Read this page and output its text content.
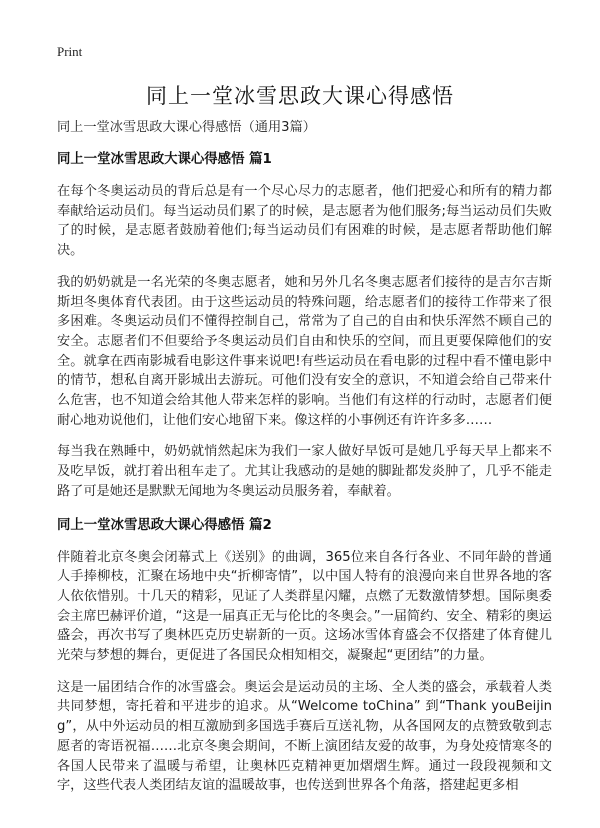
Print
同上一堂冰雪思政大课心得感悟

同上一堂冰雪思政大课心得感悟（通用3篇）

同上一堂冰雪思政大课心得感悟 篇1

在每个冬奥运动员的背后总是有一个尽心尽力的志愿者，他们把爱心和所有的精力都奉献给运动员们。每当运动员们累了的时候，是志愿者为他们服务;每当运动员们失败了的时候，是志愿者鼓励着他们;每当运动员们有困难的时候，是志愿者帮助他们解决。

我的奶奶就是一名光荣的冬奥志愿者，她和另外几名冬奥志愿者们接待的是吉尔吉斯斯坦冬奥体育代表团。由于这些运动员的特殊问题，给志愿者们的接待工作带来了很多困难。冬奥运动员们不懂得控制自己，常常为了自己的自由和快乐浑然不顾自己的安全。志愿者们不但要给予冬奥运动员们自由和快乐的空间，而且更要保障他们的安全。就拿在西南影城看电影这件事来说吧!有些运动员在看电影的过程中看不懂电影中的情节，想私自离开影城出去游玩。可他们没有安全的意识，不知道会给自己带来什么危害，也不知道会给其他人带来怎样的影响。当他们有这样的行动时，志愿者们便耐心地劝说他们，让他们安心地留下来。像这样的小事例还有许许多多……

每当我在熟睡中，奶奶就悄然起床为我们一家人做好早饭可是她几乎每天早上都来不及吃早饭，就打着出租车走了。尤其让我感动的是她的脚趾都发炎肿了，几乎不能走路了可是她还是默默无闻地为冬奥运动员服务着，奉献着。

同上一堂冰雪思政大课心得感悟 篇2

伴随着北京冬奥会闭幕式上《送别》的曲调，365位来自各行各业、不同年龄的普通人手捧柳枝，汇聚在场地中央“折柳寄情”，以中国人特有的浪漫向来自世界各地的客人依依惜别。十几天的精彩，见证了人类群星闪耀，点燃了无数激情梦想。国际奥委会主席巴赫评价道，“这是一届真正无与伦比的冬奥会。”一届简约、安全、精彩的奥运盛会，再次书写了奥林匹克历史崭新的一页。这场冰雪体育盛会不仅搭建了体育健儿光荣与梦想的舞台，更促进了各国民众相知相交，凝聚起“更团结”的力量。

这是一届团结合作的冰雪盛会。奥运会是运动员的主场、全人类的盛会，承载着人类共同梦想，寄托着和平进步的追求。从“Welcome toChina” 到“Thank youBeijing”，从中外运动员的相互激励到多国选手赛后互送礼物，从各国网友的点赞致敬到志愿者的寄语祝福……北京冬奥会期间，不断上演团结友爱的故事，为身处疫情寒冬的各国人民带来了温暖与希望，让奥林匹克精神更加熠熠生辉。通过一段段视频和文字，这些代表人类团结友谊的温暖故事，也传送到世界各个角落，搭建起更多相
